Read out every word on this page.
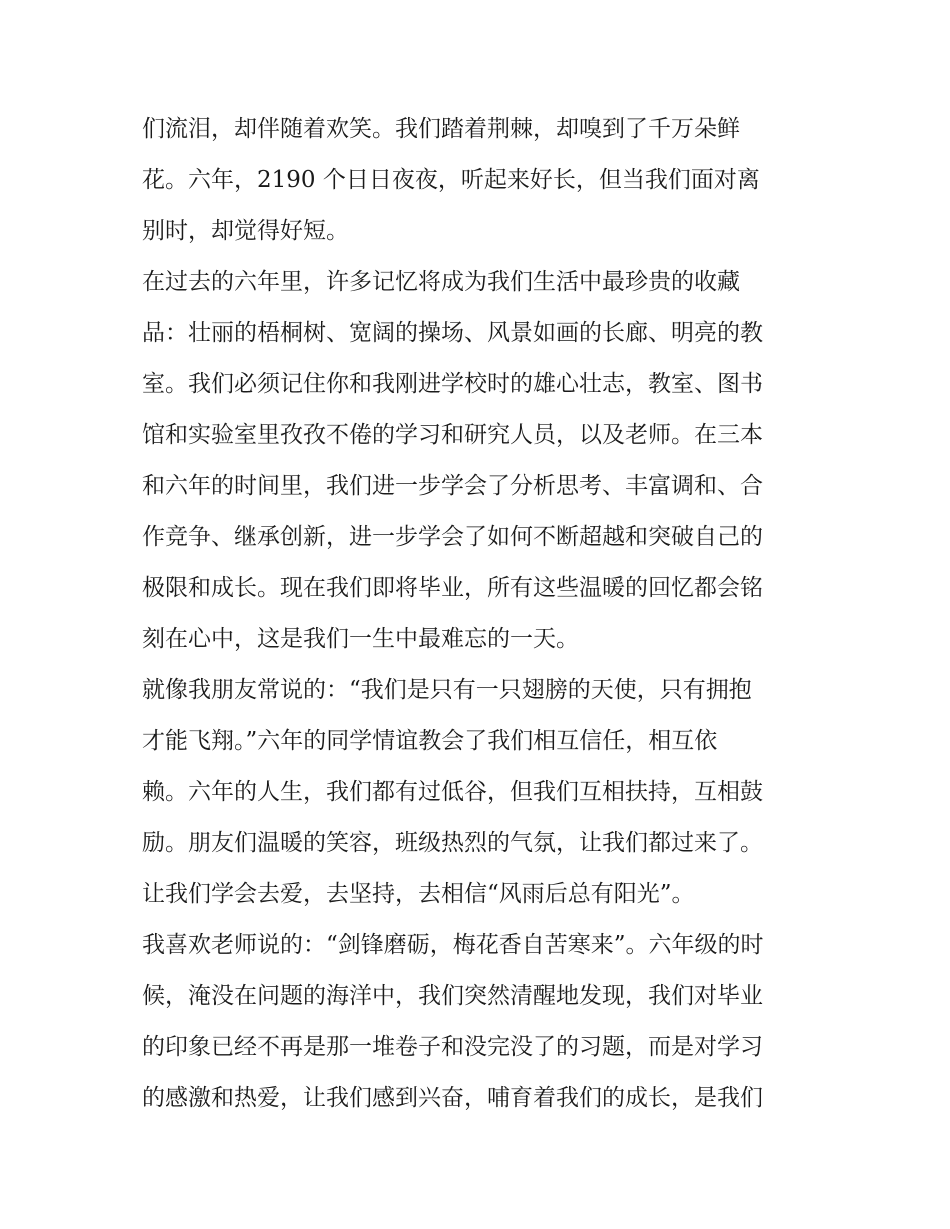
们流泪，却伴随着欢笑。我们踏着荆棘，却嗅到了千万朵鲜
花。六年，2190 个日日夜夜，听起来好长，但当我们面对离
别时，却觉得好短。
在过去的六年里，许多记忆将成为我们生活中最珍贵的收藏
品：壮丽的梧桐树、宽阔的操场、风景如画的长廊、明亮的教
室。我们必须记住你和我刚进学校时的雄心壮志，教室、图书
馆和实验室里孜孜不倦的学习和研究人员，以及老师。在三本
和六年的时间里，我们进一步学会了分析思考、丰富调和、合
作竞争、继承创新，进一步学会了如何不断超越和突破自己的
极限和成长。现在我们即将毕业，所有这些温暖的回忆都会铭
刻在心中，这是我们一生中最难忘的一天。
就像我朋友常说的：“我们是只有一只翅膀的天使，只有拥抱
才能飞翔。”六年的同学情谊教会了我们相互信任，相互依
赖。六年的人生，我们都有过低谷，但我们互相扶持，互相鼓
励。朋友们温暖的笑容，班级热烈的气氛，让我们都过来了。
让我们学会去爱，去坚持，去相信“风雨后总有阳光”。
我喜欢老师说的：“剑锋磨砺，梅花香自苦寒来”。六年级的时
候，淹没在问题的海洋中，我们突然清醒地发现，我们对毕业
的印象已经不再是那一堆卷子和没完没了的习题，而是对学习
的感激和热爱，让我们感到兴奋，哺育着我们的成长，是我们
